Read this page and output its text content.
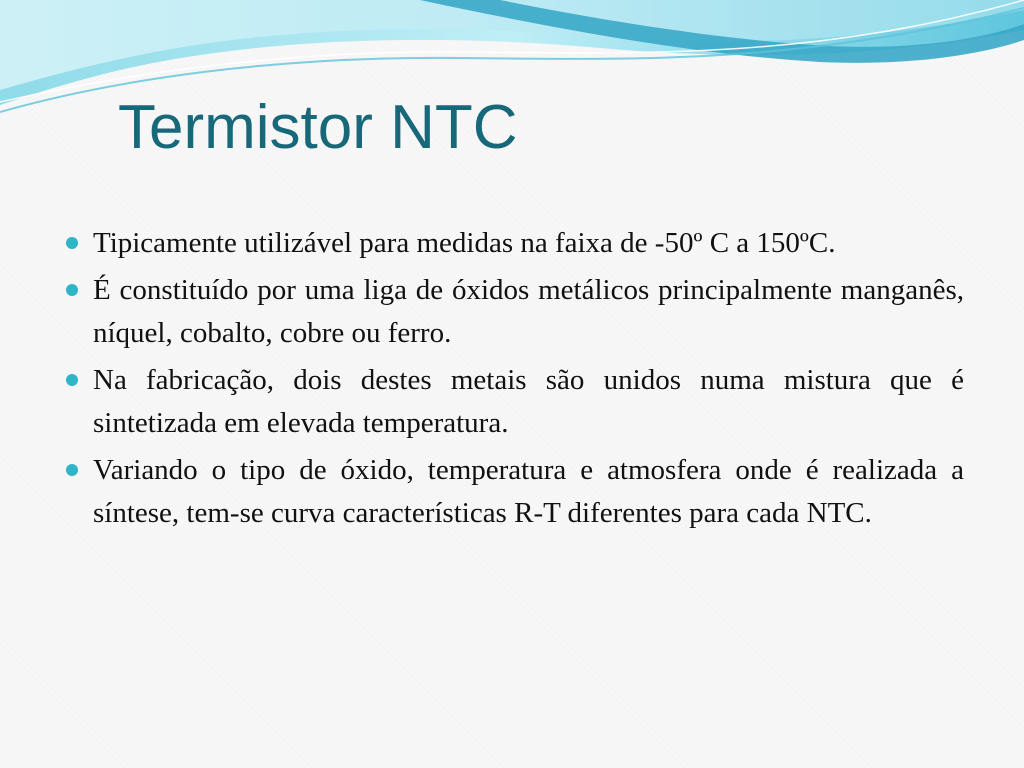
Termistor NTC
Tipicamente utilizável para medidas na faixa de -50º C a 150ºC.
É constituído por uma liga de óxidos metálicos principalmente manganês, níquel, cobalto, cobre ou ferro.
Na fabricação, dois destes metais são unidos numa mistura que é sintetizada em elevada temperatura.
Variando o tipo de óxido, temperatura e atmosfera onde é realizada a síntese, tem-se curva características R-T diferentes para cada NTC.
